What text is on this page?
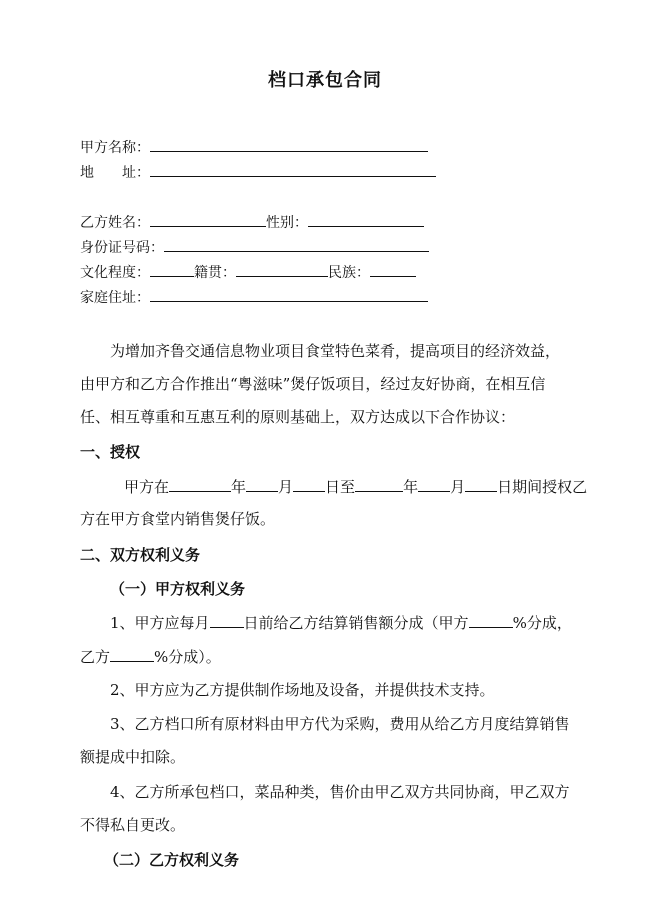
档口承包合同
甲方名称：
地　　址：
乙方姓名：	性别：
身份证号码：
文化程度：	籍贯：	民族：
家庭住址：
为增加齐鲁交通信息物业项目食堂特色菜肴，提高项目的经济效益，
由甲方和乙方合作推出“粤滋味”煲仔饭项目，经过友好协商，在相互信
任、相互尊重和互惠互利的原则基础上，双方达成以下合作协议：
一、授权
甲方在	年 月 日至	年 月 日期间授权乙
方在甲方食堂内销售煲仔饭。
二、双方权利义务
（一）甲方权利义务
1、甲方应每月 日前给乙方结算销售额分成（甲方	%分成，
乙方	%分成）。
2、甲方应为乙方提供制作场地及设备，并提供技术支持。
3、乙方档口所有原材料由甲方代为采购，费用从给乙方月度结算销售
额提成中扣除。
4、乙方所承包档口，菜品种类，售价由甲乙双方共同协商，甲乙双方
不得私自更改。
（二）乙方权利义务
